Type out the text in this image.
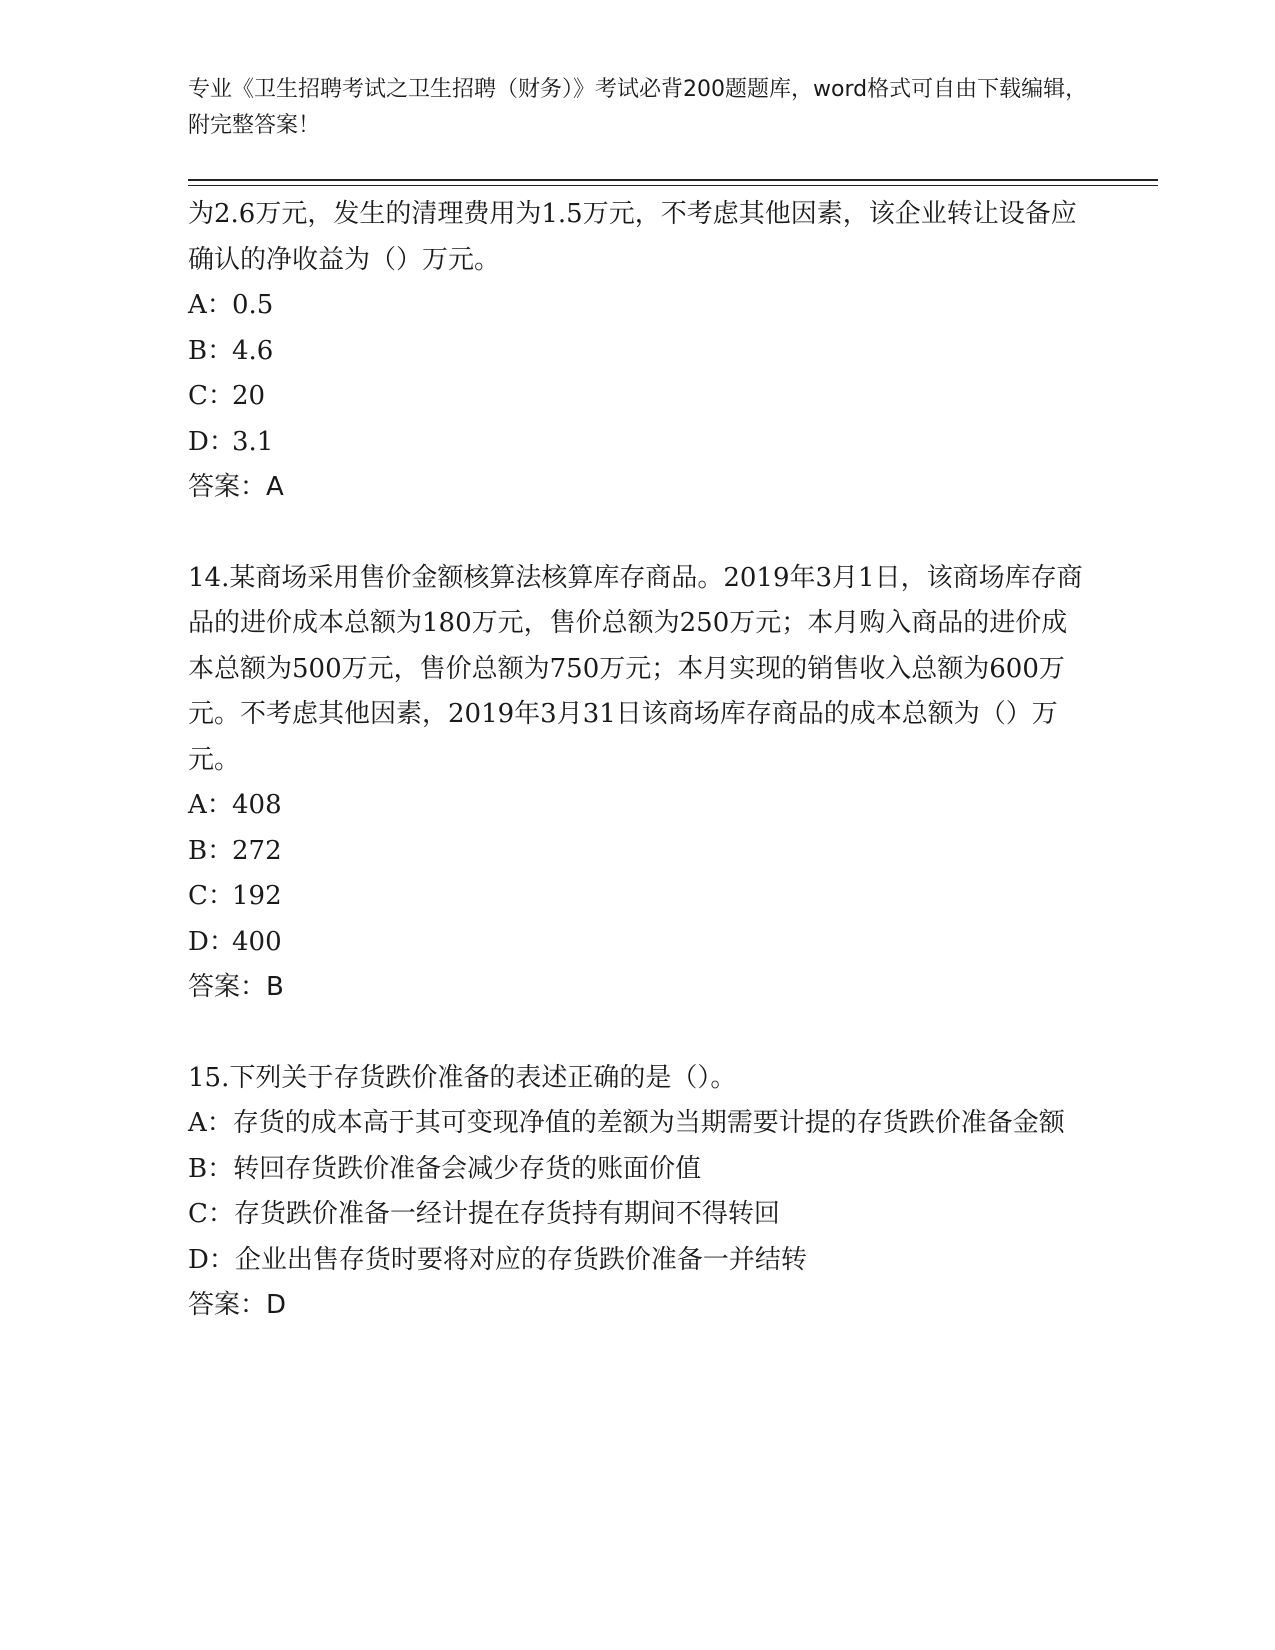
专业《卫生招聘考试之卫生招聘（财务）》考试必背200题题库，word格式可自由下载编辑，附完整答案！

为2.6万元，发生的清理费用为1.5万元，不考虑其他因素，该企业转让设备应确认的净收益为（）万元。

A：0.5
B：4.6
C：20
D：3.1
答案：A

14.某商场采用售价金额核算法核算库存商品。2019年3月1日，该商场库存商品的进价成本总额为180万元，售价总额为250万元；本月购入商品的进价成本总额为500万元，售价总额为750万元；本月实现的销售收入总额为600万元。不考虑其他因素，2019年3月31日该商场库存商品的成本总额为（）万元。

A：408
B：272
C：192
D：400
答案：B

15.下列关于存货跌价准备的表述正确的是（）。

A：存货的成本高于其可变现净值的差额为当期需要计提的存货跌价准备金额
B：转回存货跌价准备会减少存货的账面价值
C：存货跌价准备一经计提在存货持有期间不得转回
D：企业出售存货时要将对应的存货跌价准备一并结转
答案：D
